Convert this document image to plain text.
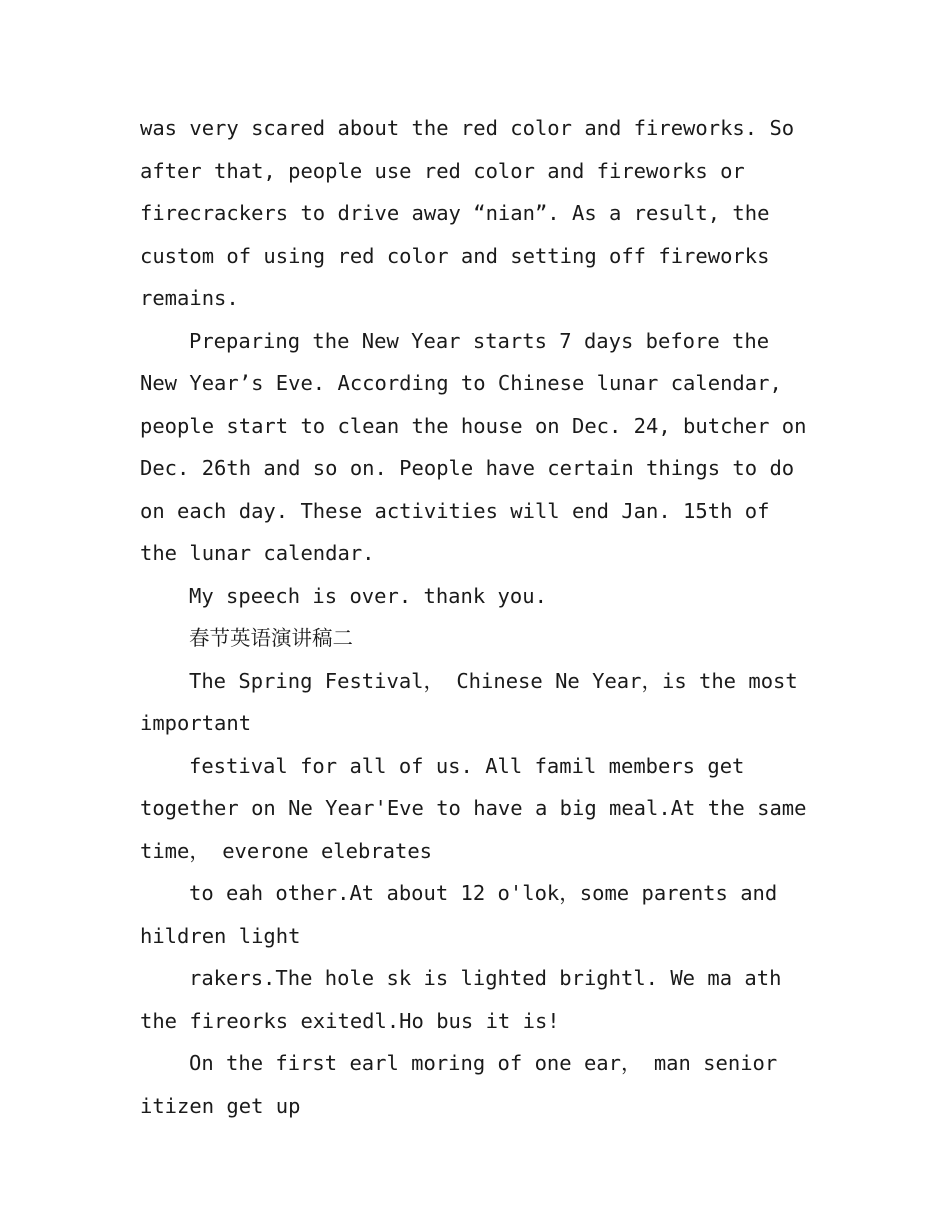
was very scared about the red color and fireworks. So
after that, people use red color and fireworks or
firecrackers to drive away “nian”. As a result, the
custom of using red color and setting off fireworks
remains.
Preparing the New Year starts 7 days before the
New Year’s Eve. According to Chinese lunar calendar,
people start to clean the house on Dec. 24, butcher on
Dec. 26th and so on. People have certain things to do
on each day. These activities will end Jan. 15th of
the lunar calendar.
My speech is over. thank you.
春节英语演讲稿二
The Spring Festival， Chinese Ne Year，is the most
important
festival for all of us. All famil members get
together on Ne Year'Eve to have a big meal.At the same
time， everone elebrates
to eah other.At about 12 o'lok，some parents and
hildren light
rakers.The hole sk is lighted brightl. We ma ath
the fireorks exitedl.Ho bus it is!
On the first earl moring of one ear， man senior
itizen get up
